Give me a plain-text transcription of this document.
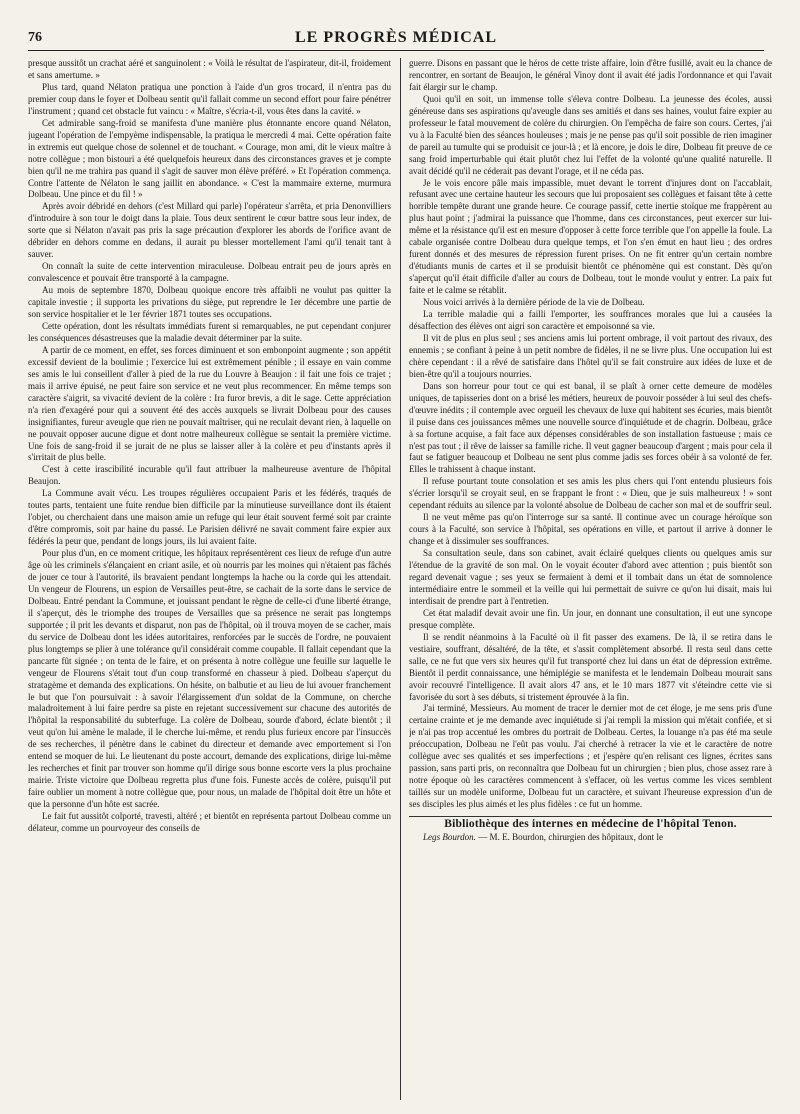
76	LE PROGRÈS MÉDICAL

presque aussitôt un crachat aéré et sanguinolent : « Voilà le résultat de l'aspirateur, dit-il, froidement et sans amertume. »

Plus tard, quand Nélaton pratiqua une ponction à l'aide d'un gros trocard, il n'entra pas du premier coup dans le foyer et Dolbeau sentit qu'il fallait comme un second effort pour faire pénétrer l'instrument ; quand cet obstacle fut vaincu : « Maître, s'écria-t-il, vous êtes dans la cavité. »

Cet admirable sang-froid se manifesta d'une manière plus étonnante encore quand Nélaton, jugeant l'opération de l'empyème indispensable, la pratiqua le mercredi 4 mai. Cette opération faite in extremis eut quelque chose de solennel et de touchant. « Courage, mon ami, dit le vieux maître à notre collègue ; mon bistouri a été quelquefois heureux dans des circonstances graves et je compte bien qu'il ne me trahira pas quand il s'agit de sauver mon élève préféré. » Et l'opération commença. Contre l'attente de Nélaton le sang jaillit en abondance. « C'est la mammaire externe, murmura Dolbeau. Une pince et du fil ! »

Après avoir débridé en dehors (c'est Millard qui parle) l'opérateur s'arrêta, et pria Denonvilliers d'introduire à son tour le doigt dans la plaie. Tous deux sentirent le cœur battre sous leur index, de sorte que si Nélaton n'avait pas pris la sage précaution d'explorer les abords de l'orifice avant de débrider en dehors comme en dedans, il aurait pu blesser mortellement l'ami qu'il tenait tant à sauver.

On connaît la suite de cette intervention miraculeuse. Dolbeau entrait peu de jours après en convalescence et pouvait être transporté à la campagne.

Au mois de septembre 1870, Dolbeau quoique encore très affaibli ne voulut pas quitter la capitale investie ; il supporta les privations du siège, put reprendre le 1er décembre une partie de son service hospitalier et le 1er février 1871 toutes ses occupations.

Cette opération, dont les résultats immédiats furent si remarquables, ne put cependant conjurer les conséquences désastreuses que la maladie devait déterminer par la suite.

A partir de ce moment, en effet, ses forces diminuent et son embonpoint augmente ; son appétit excessif devient de la boulimie ; l'exercice lui est extrêmement pénible ; il essaye en vain comme ses amis le lui conseillent d'aller à pied de la rue du Louvre à Beaujon : il fait une fois ce trajet ; mais il arrive épuisé, ne peut faire son service et ne veut plus recommencer. En même temps son caractère s'aigrit, sa vivacité devient de la colère : Ira furor brevis, a dit le sage. Cette appréciation n'a rien d'exagéré pour qui a souvent été des accès auxquels se livrait Dolbeau pour des causes insignifiantes, fureur aveugle que rien ne pouvait maîtriser, qui ne reculait devant rien, à laquelle on ne pouvait opposer aucune digue et dont notre malheureux collègue se sentait la première victime. Une fois de sang-froid il se jurait de ne plus se laisser aller à la colère et peu d'instants après il s'irritait de plus belle.

C'est à cette irascibilité incurable qu'il faut attribuer la malheureuse aventure de l'hôpital Beaujon.

La Commune avait vécu. Les troupes régulières occupaient Paris et les fédérés, traqués de toutes parts, tentaient une fuite rendue bien difficile par la minutieuse surveillance dont ils étaient l'objet, ou cherchaient dans une maison amie un refuge qui leur était souvent fermé soit par crainte d'être compromis, soit par haine du passé. Le Parisien délivré ne savait comment faire expier aux fédérés la peur que, pendant de longs jours, ils lui avaient faite.

Pour plus d'un, en ce moment critique, les hôpitaux représentèrent ces lieux de refuge d'un autre âge où les criminels s'élançaient en criant asile, et où nourris par les moines qui n'étaient pas fâchés de jouer ce tour à l'autorité, ils bravaient pendant longtemps la hache ou la corde qui les attendait. Un vengeur de Flourens, un espion de Versailles peut-être, se cachait de la sorte dans le service de Dolbeau. Entré pendant la Commune, et jouissant pendant le règne de celle-ci d'une liberté étrange, il s'aperçut, dès le triomphe des troupes de Versailles que sa présence ne serait pas longtemps supportée ; il prit les devants et disparut, non pas de l'hôpital, où il trouva moyen de se cacher, mais du service de Dolbeau dont les idées autoritaires, renforcées par le succès de l'ordre, ne pouvaient plus longtemps se plier à une tolérance qu'il considérait comme coupable. Il fallait cependant que la pancarte fût signée ; on tenta de le faire, et on présenta à notre collègue une feuille sur laquelle le vengeur de Flourens s'était tout d'un coup transformé en chasseur à pied. Dolbeau s'aperçut du stratagème et demanda des explications. On hésite, on balbutie et au lieu de lui avouer franchement le but que l'on poursuivait : à savoir l'élargissement d'un soldat de la Commune, on cherche maladroitement à lui faire perdre sa piste en rejetant successivement sur chacune des autorités de l'hôpital la responsabilité du subterfuge. La colère de Dolbeau, sourde d'abord, éclate bientôt ; il veut qu'on lui amène le malade, il le cherche lui-même, et rendu plus furieux encore par l'insuccès de ses recherches, il pénètre dans le cabinet du directeur et demande avec emportement si l'on entend se moquer de lui. Le lieutenant du poste accourt, demande des explications, dirige lui-même les recherches et finit par trouver son homme qu'il dirige sous bonne escorte vers la plus prochaine mairie. Triste victoire que Dolbeau regretta plus d'une fois. Funeste accès de colère, puisqu'il put faire oublier un moment à notre collègue que, pour nous, un malade de l'hôpital doit être un hôte et que la personne d'un hôte est sacrée.

Le fait fut aussitôt colporté, travesti, altéré ; et bientôt en représenta partout Dolbeau comme un délateur, comme un pourvoyeur des conseils de

guerre. Disons en passant que le héros de cette triste affaire, loin d'être fusillé, avait eu la chance de rencontrer, en sortant de Beaujon, le général Vinoy dont il avait été jadis l'ordonnance et qui l'avait fait élargir sur le champ.

Quoi qu'il en soit, un immense tolle s'éleva contre Dolbeau. La jeunesse des écoles, aussi généreuse dans ses aspirations qu'aveugle dans ses amitiés et dans ses haines, voulut faire expier au professeur le fatal mouvement de colère du chirurgien. On l'empêcha de faire son cours. Certes, j'ai vu à la Faculté bien des séances houleuses ; mais je ne pense pas qu'il soit possible de rien imaginer de pareil au tumulte qui se produisit ce jour-là ; et là encore, je dois le dire, Dolbeau fit preuve de ce sang froid imperturbable qui était plutôt chez lui l'effet de la volonté qu'une qualité naturelle. Il avait décidé qu'il ne céderait pas devant l'orage, et il ne céda pas.

Je le vois encore pâle mais impassible, muet devant le torrent d'injures dont on l'accablait, refusant avec une certaine hauteur les secours que lui proposaient ses collègues et faisant tête à cette horrible tempête durant une grande heure. Ce courage passif, cette inertie stoïque me frappèrent au plus haut point ; j'admirai la puissance que l'homme, dans ces circonstances, peut exercer sur lui-même et la résistance qu'il est en mesure d'opposer à cette force terrible que l'on appelle la foule. La cabale organisée contre Dolbeau dura quelque temps, et l'on s'en émut en haut lieu ; des ordres furent donnés et des mesures de répression furent prises. On ne fit entrer qu'un certain nombre d'étudiants munis de cartes et il se produisit bientôt ce phénomène qui est constant. Dès qu'on s'aperçut qu'il était difficile d'aller au cours de Dolbeau, tout le monde voulut y entrer. La paix fut faite et le calme se rétablit.

Nous voici arrivés à la dernière période de la vie de Dolbeau.

La terrible maladie qui a failli l'emporter, les souffrances morales que lui a causées la désaffection des élèves ont aigri son caractère et empoisonné sa vie.

Il vit de plus en plus seul ; ses anciens amis lui portent ombrage, il voit partout des rivaux, des ennemis ; se confiant à peine à un petit nombre de fidèles, il ne se livre plus. Une occupation lui est chère cependant : il a rêvé de satisfaire dans l'hôtel qu'il se fait construire aux idées de luxe et de bien-être qu'il a toujours nourries.

Dans son horreur pour tout ce qui est banal, il se plaît à orner cette demeure de modèles uniques, de tapisseries dont on a brisé les métiers, heureux de pouvoir posséder à lui seul des chefs-d'œuvre inédits ; il contemple avec orgueil les chevaux de luxe qui habitent ses écuries, mais bientôt il puise dans ces jouissances mêmes une nouvelle source d'inquiétude et de chagrin. Dolbeau, grâce à sa fortune acquise, a fait face aux dépenses considérables de son installation fastueuse ; mais ce n'est pas tout ; il rêve de laisser sa famille riche. Il veut gagner beaucoup d'argent ; mais pour cela il faut se fatiguer beaucoup et Dolbeau ne sent plus comme jadis ses forces obéir à sa volonté de fer. Elles le trahissent à chaque instant.

Il refuse pourtant toute consolation et ses amis les plus chers qui l'ont entendu plusieurs fois s'écrier lorsqu'il se croyait seul, en se frappant le front : « Dieu, que je suis malheureux ! » sont cependant réduits au silence par la volonté absolue de Dolbeau de cacher son mal et de souffrir seul.

Il ne veut même pas qu'on l'interroge sur sa santé. Il continue avec un courage héroïque son cours à la Faculté, son service à l'hôpital, ses opérations en ville, et partout il arrive à donner le change et à dissimuler ses souffrances.

Sa consultation seule, dans son cabinet, avait éclairé quelques clients ou quelques amis sur l'étendue de la gravité de son mal. On le voyait écouter d'abord avec attention ; puis bientôt son regard devenait vague ; ses yeux se fermaient à demi et il tombait dans un état de somnolence intermédiaire entre le sommeil et la veille qui lui permettait de suivre ce qu'on lui disait, mais lui interdisait de prendre part à l'entretien.

Cet état maladif devait avoir une fin. Un jour, en donnant une consultation, il eut une syncope presque complète.

Il se rendit néanmoins à la Faculté où il fit passer des examens. De là, il se retira dans le vestiaire, souffrant, désaltéré, de la tête, et s'assit complètement absorbé. Il resta seul dans cette salle, ce ne fut que vers six heures qu'il fut transporté chez lui dans un état de dépression extrême. Bientôt il perdit connaissance, une hémiplégie se manifesta et le lendemain Dolbeau mourait sans avoir recouvré l'intelligence. Il avait alors 47 ans, et le 10 mars 1877 vit s'éteindre cette vie si favorisée du sort à ses débuts, si tristement éprouvée à la fin.

J'ai terminé, Messieurs. Au moment de tracer le dernier mot de cet éloge, je me sens pris d'une certaine crainte et je me demande avec inquiétude si j'ai rempli la mission qui m'était confiée, et si je n'ai pas trop accentué les ombres du portrait de Dolbeau. Certes, la louange n'a pas été ma seule préoccupation, Dolbeau ne l'eût pas voulu. J'ai cherché à retracer la vie et le caractère de notre collègue avec ses qualités et ses imperfections ; et j'espère qu'en relisant ces lignes, écrites sans passion, sans parti pris, on reconnaîtra que Dolbeau fut un chirurgien ; bien plus, chose assez rare à notre époque où les caractères commencent à s'effacer, où les vertus comme les vices semblent taillés sur un modèle uniforme, Dolbeau fut un caractère, et suivant l'heureuse expression d'un de ses disciples les plus aimés et les plus fidèles : ce fut un homme.

Bibliothèque des internes en médecine de l'hôpital Tenon.

Legs Bourdon. — M. E. Bourdon, chirurgien des hôpitaux, dont le
